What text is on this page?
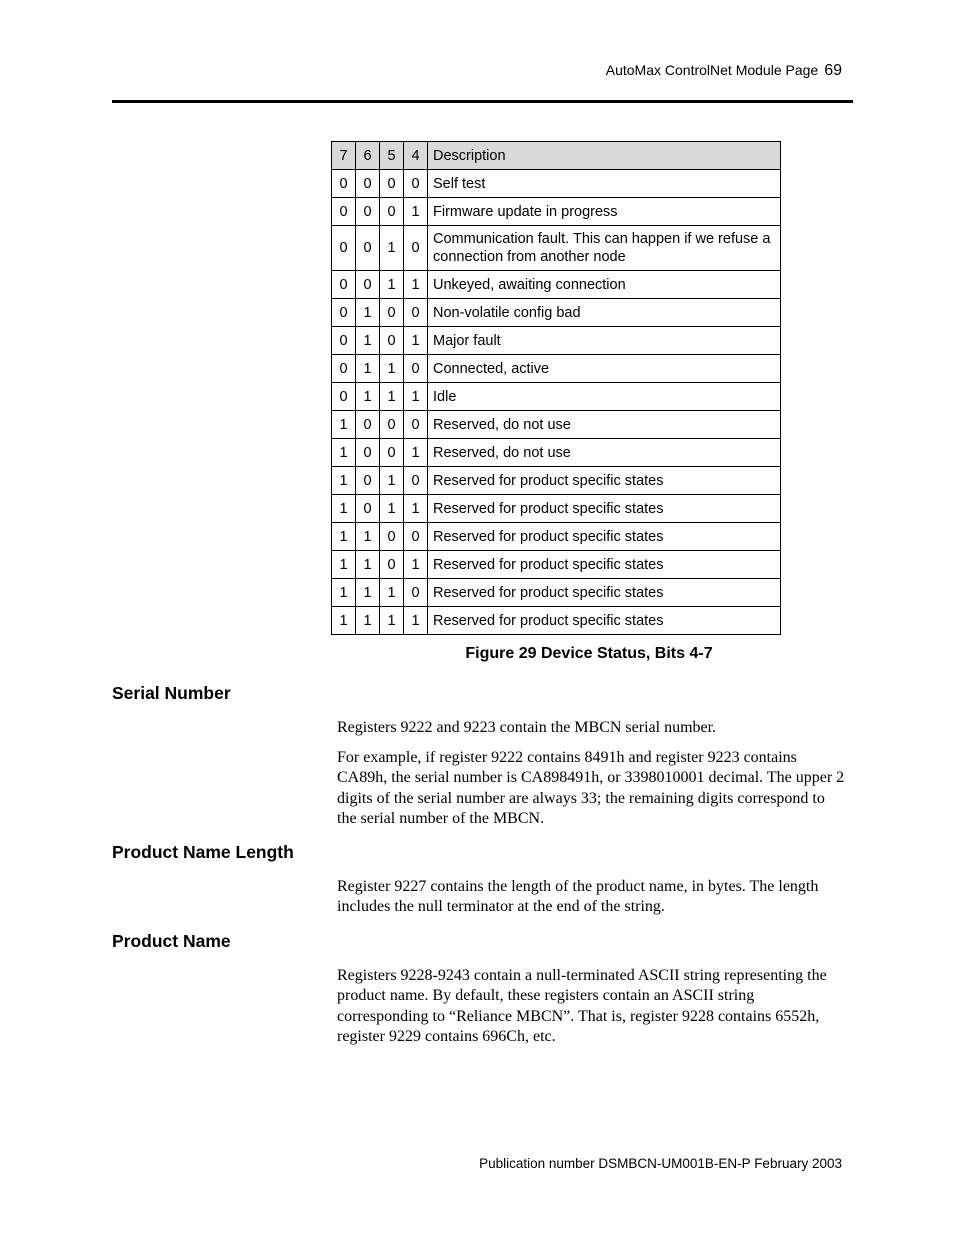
AutoMax ControlNet Module Page 69
7	6	5	4	Description
0	0	0	0	Self test
0	0	0	1	Firmware update in progress
0	0	1	0	Communication fault. This can happen if we refuse a connection from another node
0	0	1	1	Unkeyed, awaiting connection
0	1	0	0	Non-volatile config bad
0	1	0	1	Major fault
0	1	1	0	Connected, active
0	1	1	1	Idle
1	0	0	0	Reserved, do not use
1	0	0	1	Reserved, do not use
1	0	1	0	Reserved for product specific states
1	0	1	1	Reserved for product specific states
1	1	0	0	Reserved for product specific states
1	1	0	1	Reserved for product specific states
1	1	1	0	Reserved for product specific states
1	1	1	1	Reserved for product specific states
Figure 29 Device Status, Bits 4-7
Serial Number

Registers 9222 and 9223 contain the MBCN serial number.

For example, if register 9222 contains 8491h and register 9223 contains CA89h, the serial number is CA898491h, or 3398010001 decimal. The upper 2 digits of the serial number are always 33; the remaining digits correspond to the serial number of the MBCN.

Product Name Length

Register 9227 contains the length of the product name, in bytes. The length includes the null terminator at the end of the string.

Product Name

Registers 9228-9243 contain a null-terminated ASCII string representing the product name. By default, these registers contain an ASCII string corresponding to “Reliance MBCN”. That is, register 9228 contains 6552h, register 9229 contains 696Ch, etc.

Publication number DSMBCN-UM001B-EN-P February 2003
